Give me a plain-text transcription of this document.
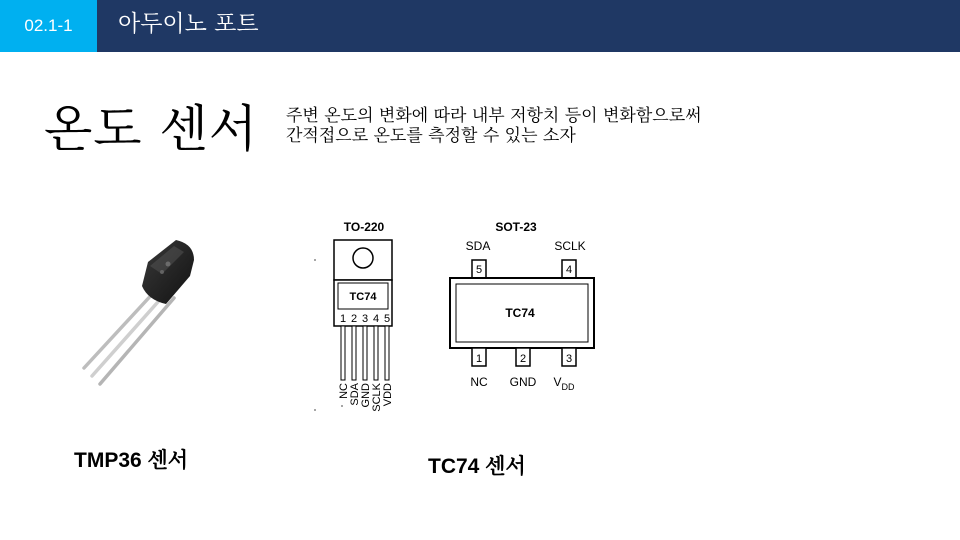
02.1-1	아두이노 포트
온도 센서 주변 온도의 변화에 따라 내부 저항치 등이 변화함으로써
간적접으로 온도를 측정할 수 있는 소자
TMP36 센서
TO-220
TC74
1 2 3 4 5
NC SDA GND SCLK VDD
SOT-23
SDA	SCLK
5	4
TC74
1	2	3
NC GND $V_{DD}$
TC74 센서
